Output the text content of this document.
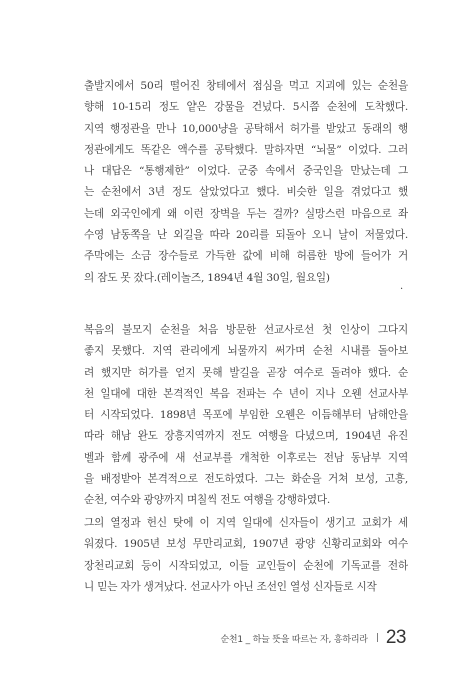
출발지에서 50리 떨어진 창테에서 점심을 먹고 지괴에 있는 순천을
향해 10-15리 정도 얕은 강물을 건넜다. 5시쯤 순천에 도착했다.
지역 행정관을 만나 10,000냥을 공탁해서 허가를 받았고 동래의 행
정관에게도 똑같은 액수를 공탁했다. 말하자면 “뇌물” 이었다. 그러
나 대답은 “통행제한” 이었다. 군중 속에서 중국인을 만났는데 그
는 순천에서 3년 정도 살았었다고 했다. 비슷한 일을 겪었다고 했
는데 외국인에게 왜 이런 장벽을 두는 걸까? 실망스런 마음으로 좌
수영 남동쪽을 난 외길을 따라 20리를 되돌아 오니 날이 저물었다.
주막에는 소금 장수들로 가득한 값에 비해 허름한 방에 들어가 거
의 잠도 못 잤다.(레이놀즈, 1894년 4월 30일, 월요일)
.
복음의 불모지 순천을 처음 방문한 선교사로선 첫 인상이 그다지
좋지 못했다. 지역 관리에게 뇌물까지 써가며 순천 시내를 돌아보
려 했지만 허가를 얻지 못해 발길을 곧장 여수로 돌려야 했다. 순
천 일대에 대한 본격적인 복음 전파는 수 년이 지나 오웬 선교사부
터 시작되었다. 1898년 목포에 부임한 오웬은 이듬해부터 남해안을
따라 해남 완도 장흥지역까지 전도 여행을 다녔으며, 1904년 유진
벨과 함께 광주에 새 선교부를 개척한 이후로는 전남 동남부 지역
을 배정받아 본격적으로 전도하였다. 그는 화순을 거쳐 보성, 고흥,
순천, 여수와 광양까지 며칠씩 전도 여행을 강행하였다.
그의 열정과 헌신 탓에 이 지역 일대에 신자들이 생기고 교회가 세
워졌다. 1905년 보성 무만리교회, 1907년 광양 신황리교회와 여수
장천리교회 등이 시작되었고, 이들 교인들이 순천에 기독교를 전하
니 믿는 자가 생겨났다. 선교사가 아닌 조선인 열성 신자들로 시작
순천1 _ 하늘 뜻을 따르는 자, 흥하리라 | 23
